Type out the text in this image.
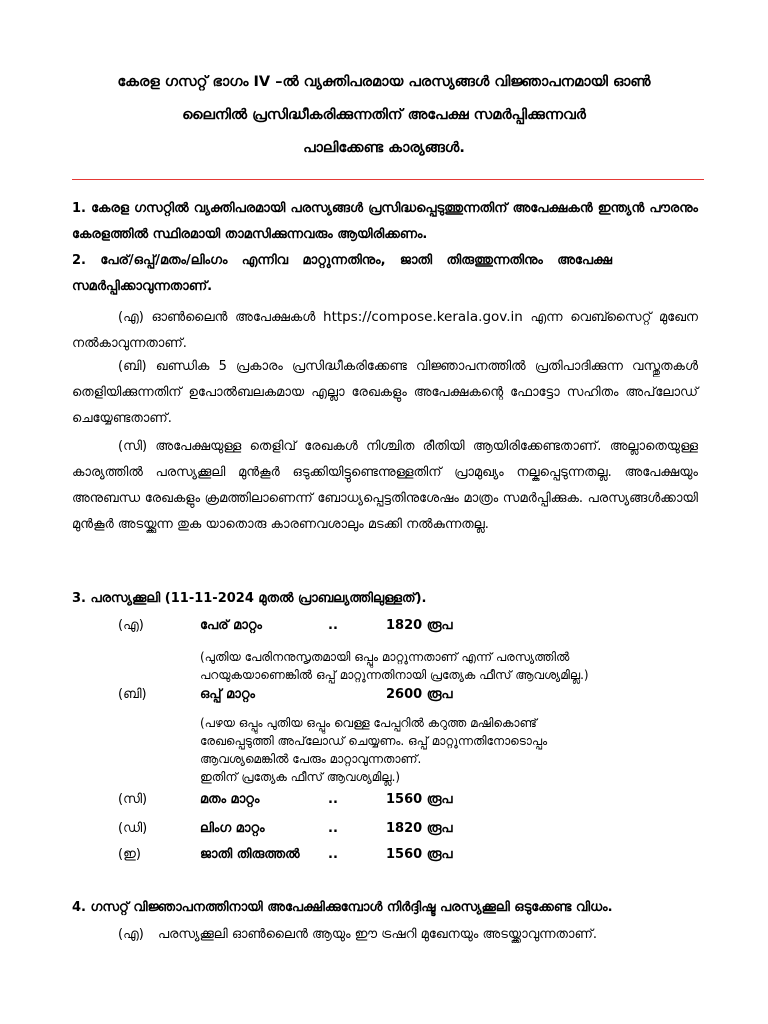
കേരള ഗസറ്റ് ഭാഗം IV –ൽ വ്യക്തിപരമായ പരസ്യങ്ങൾ വിജ്ഞാപനമായി ഓൺ
ലൈനിൽ പ്രസിദ്ധീകരിക്കുന്നതിന് അപേക്ഷ സമർപ്പിക്കുന്നവർ
പാലിക്കേണ്ട കാര്യങ്ങൾ.
1. കേരള ഗസറ്റിൽ വ്യക്തിപരമായി പരസ്യങ്ങൾ പ്രസിദ്ധപ്പെടുത്തുന്നതിന് അപേക്ഷകൻ ഇന്ത്യൻ പൗരനും കേരളത്തിൽ സ്ഥിരമായി താമസിക്കുന്നവരും ആയിരിക്കണം.
2. പേര്/ഒപ്പ്/മതം/ലിംഗം എന്നിവ മാറ്റുന്നതിനും, ജാതി തിരുത്തുന്നതിനും അപേക്ഷ സമർപ്പിക്കാവുന്നതാണ്.
(എ) ഓൺലൈൻ അപേക്ഷകൾ https://compose.kerala.gov.in എന്ന വെബ്സൈറ്റ് മുഖേന നൽകാവുന്നതാണ്.
(ബി) ഖണ്ഡിക 5 പ്രകാരം പ്രസിദ്ധീകരിക്കേണ്ട വിജ്ഞാപനത്തിൽ പ്രതിപാദിക്കുന്ന വസ്തുതകൾ തെളിയിക്കുന്നതിന് ഉപോൽബലകമായ എല്ലാ രേഖകളും അപേക്ഷകന്റെ ഫോട്ടോ സഹിതം അപ്‌ലോഡ് ചെയ്യേണ്ടതാണ്.
(സി) അപേക്ഷയുള്ള തെളിവ് രേഖകൾ നിശ്ചിത രീതിയി ആയിരിക്കേണ്ടതാണ്. അല്ലാതെയുള്ള കാര്യത്തിൽ പരസ്യക്കൂലി മുൻകൂർ ഒടുക്കിയിട്ടുണ്ടെന്നുള്ളതിന് പ്രാമുഖ്യം നല്കപ്പെടുന്നതല്ല. അപേക്ഷയും അനുബന്ധ രേഖകളും ക്രമത്തിലാണെന്ന് ബോധ്യപ്പെട്ടതിനുശേഷം മാത്രം സമർപ്പിക്കുക. പരസ്യങ്ങൾക്കായി മുൻകൂർ അടയ്ക്കുന്ന തുക യാതൊരു കാരണവശാലും മടക്കി നൽകുന്നതല്ല.
3. പരസ്യക്കൂലി (11-11-2024 മുതൽ പ്രാബല്യത്തിലുള്ളത്).
(എ)	പേര് മാറ്റം	..	1820 രൂപ
(പുതിയ പേരിനനുസൃതമായി ഒപ്പും മാറ്റുന്നതാണ് എന്ന് പരസ്യത്തിൽ
പറയുകയാണെങ്കിൽ ഒപ്പ് മാറ്റുന്നതിനായി പ്രത്യേക ഫീസ് ആവശ്യമില്ല.)
(ബി)	ഒപ്പ് മാറ്റം	2600 രൂപ
(പഴയ ഒപ്പും പുതിയ ഒപ്പും വെള്ള പേപ്പറിൽ കറുത്ത മഷികൊണ്ട്
രേഖപ്പെടുത്തി അപ്‌ലോഡ് ചെയ്യണം. ഒപ്പ് മാറ്റുന്നതിനോടൊപ്പം
ആവശ്യമെങ്കിൽ പേരും മാറ്റാവുന്നതാണ്.
ഇതിന് പ്രത്യേക ഫീസ് ആവശ്യമില്ല.)
(സി)	മതം മാറ്റം	..	1560 രൂപ
(ഡി)	ലിംഗ മാറ്റം	..	1820 രൂപ
(ഇ)	ജാതി തിരുത്തൽ ..	1560 രൂപ
4. ഗസറ്റ് വിജ്ഞാപനത്തിനായി അപേക്ഷിക്കുമ്പോൾ നിർദ്ദിഷ്ട പരസ്യക്കൂലി ഒടുക്കേണ്ട വിധം.
(എ) പരസ്യക്കൂലി ഓൺലൈൻ ആയും ഈ ട്രഷറി മുഖേനയും അടയ്ക്കാവുന്നതാണ്.
